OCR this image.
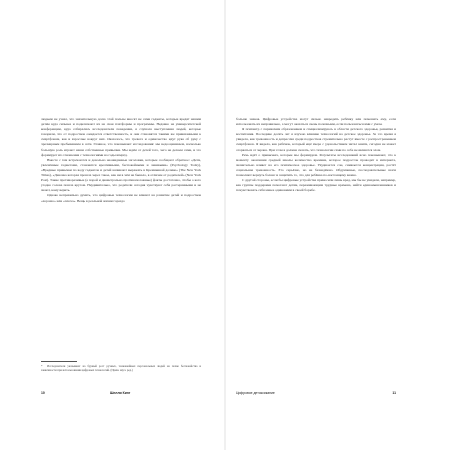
людьми не узнал, что значительную долю этой пользы вносят не сами гаджеты, которые вредят нашим детям куда сильнее и подключают их на свои платформы и программы. Недавно на университетской конференции, куда собирались исследователи поведения, я слушала выступления людей, которые говорили, что от подростков ожидается ответственность, и они становятся такими же привязанными к смартфонам, как и взрослые вокруг них. Оказалось, что тревога и одиночество идут рука об руку с чрезмерным пребыванием в сети. Главное, что показывают исследования: мы недооцениваем, насколько большую роль играют наши собственные привычки. Мы ждём от детей того, чего не делаем сами, и это формирует их отношения с технологиями на годы вперёд.

Вместе с тем встречаются и довольно неожиданные заголовки, которые сообщают обратное: «Дети, увлечённые гаджетами, становятся креативными, беспокойными и ленивыми» (Psychology Today), «Вредные привычки по воду гаджетов и детей начинают выражать в Кремниевой долине» (The New York Times), «Девочка которая прошла через такое, как ни в чём не бывало, в отличие от родителей» (New York Post). Такие противоречивые (а порой и диаметрально противоположные) факты достаточно, чтобы о кого угодно голова пошла кругом. Неудивительно, что родители сегодня чувствуют себя растерянными и не знают, кому верить.

Однако неправильно думать, что цифровые технологии не влияют на развитие детей и подростков «хорошо» или «плохо». Вещь в реальной жизни гораздо

* Исследователи указывают на бурный рост ручных, тонкошейных персональных людей на почве беспокойства и зависимости при использовании цифровых технологий. (Прим. науч. ред.)
10	Шелли Кинг

больше знаков. Цифровые устройства могут сильно навредить ребёнку или помешать ему, если использовать их неправильно, а могут оказаться очень полезными, если пользоваться ими с умом.

Я психиатр с парижским образованием и специализируюсь в области детского здоровья, развития и воспитания. Последние десять лет я изучаю влияние технологий на детское здоровье. За это время я увидела, как тревожность и депрессия среди подростков стремительно растут вместе с распространением смартфонов. Я видела, как ребёнок, который ещё вчера с удовольствием читал книги, сегодня не может оторваться от экрана. При этом я должна сказать, что технологии сами по себе не являются злом.

Речь идёт о привычках, которые мы формируем. Результаты исследований ясно показывают, что к моменту окончания средней школы количество времени, которое подросток проводит в интернете, значительно влияет на его психическое здоровье. Ухудшается сон, снижается концентрация, растёт социальная тревожность. Это серьёзно, но не безнадёжно. Обдуманные, последовательные шаги позволяют вернуть баланс и защитить то, что для ребёнка по-настоящему важно.

С другой стороны, если бы цифровые устройства приносили лишь вред, мы бы не увидели, например, как группы поддержки помогают детям, переживающим трудные времена, найти единомышленников и почувствовать себя менее одинокими в своей борьбе.

Цифровое детоксикание	11
